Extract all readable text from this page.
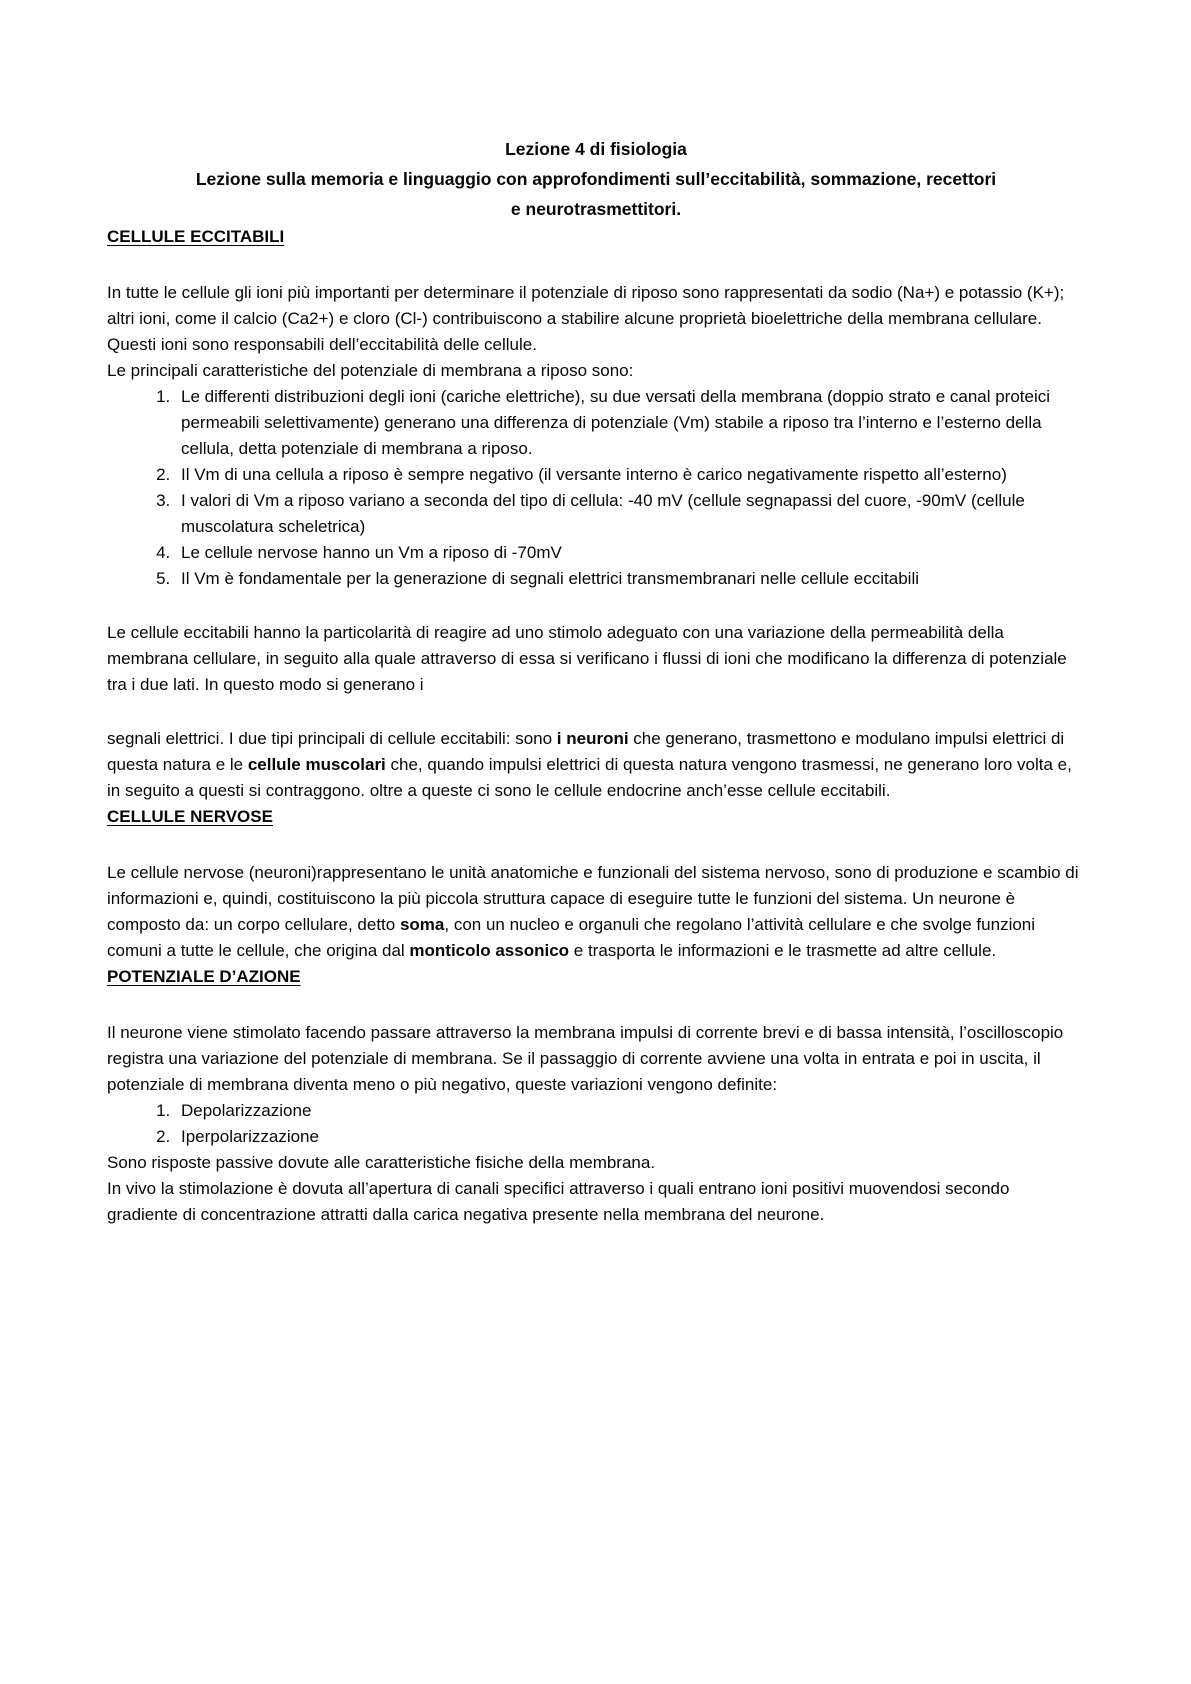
Lezione 4 di fisiologia
Lezione sulla memoria e linguaggio con approfondimenti sull’eccitabilità, sommazione, recettori
e neurotrasmettitori.
CELLULE ECCITABILI

In tutte le cellule gli ioni più importanti per determinare il potenziale di riposo sono rappresentati da sodio (Na+) e potassio (K+); altri ioni, come il calcio (Ca2+) e cloro (Cl-) contribuiscono a stabilire alcune proprietà bioelettriche della membrana cellulare. Questi ioni sono responsabili dell’eccitabilità delle cellule.

Le principali caratteristiche del potenziale di membrana a riposo sono:

1. Le differenti distribuzioni degli ioni (cariche elettriche), su due versati della membrana (doppio strato e canal proteici permeabili selettivamente) generano una differenza di potenziale (Vm) stabile a riposo tra l’interno e l’esterno della cellula, detta potenziale di membrana a riposo.
2. Il Vm di una cellula a riposo è sempre negativo (il versante interno è carico negativamente rispetto all’esterno)
3. I valori di Vm a riposo variano a seconda del tipo di cellula: -40 mV (cellule segnapassi del cuore, -90mV (cellule muscolatura scheletrica)
4. Le cellule nervose hanno un Vm a riposo di -70mV
5. Il Vm è fondamentale per la generazione di segnali elettrici transmembranari nelle cellule eccitabili

Le cellule eccitabili hanno la particolarità di reagire ad uno stimolo adeguato con una variazione della permeabilità della membrana cellulare, in seguito alla quale attraverso di essa si verificano i flussi di ioni che modificano la differenza di potenziale tra i due lati. In questo modo si generano i

segnali elettrici. I due tipi principali di cellule eccitabili: sono i neuroni che generano, trasmettono e modulano impulsi elettrici di questa natura e le cellule muscolari che, quando impulsi elettrici di questa natura vengono trasmessi, ne generano loro volta e, in seguito a questi si contraggono. oltre a queste ci sono le cellule endocrine anch’esse cellule eccitabili.

CELLULE NERVOSE

Le cellule nervose (neuroni)rappresentano le unità anatomiche e funzionali del sistema nervoso, sono di produzione e scambio di informazioni e, quindi, costituiscono la più piccola struttura capace di eseguire tutte le funzioni del sistema. Un neurone è composto da: un corpo cellulare, detto soma, con un nucleo e organuli che regolano l’attività cellulare e che svolge funzioni comuni a tutte le cellule, che origina dal monticolo assonico e trasporta le informazioni e le trasmette ad altre cellule.

POTENZIALE D’AZIONE

Il neurone viene stimolato facendo passare attraverso la membrana impulsi di corrente brevi e di bassa intensità, l’oscilloscopio registra una variazione del potenziale di membrana. Se il passaggio di corrente avviene una volta in entrata e poi in uscita, il potenziale di membrana diventa meno o più negativo, queste variazioni vengono definite:

1. Depolarizzazione
2. Iperpolarizzazione

Sono risposte passive dovute alle caratteristiche fisiche della membrana.

In vivo la stimolazione è dovuta all’apertura di canali specifici attraverso i quali entrano ioni positivi muovendosi secondo gradiente di concentrazione attratti dalla carica negativa presente nella membrana del neurone.
